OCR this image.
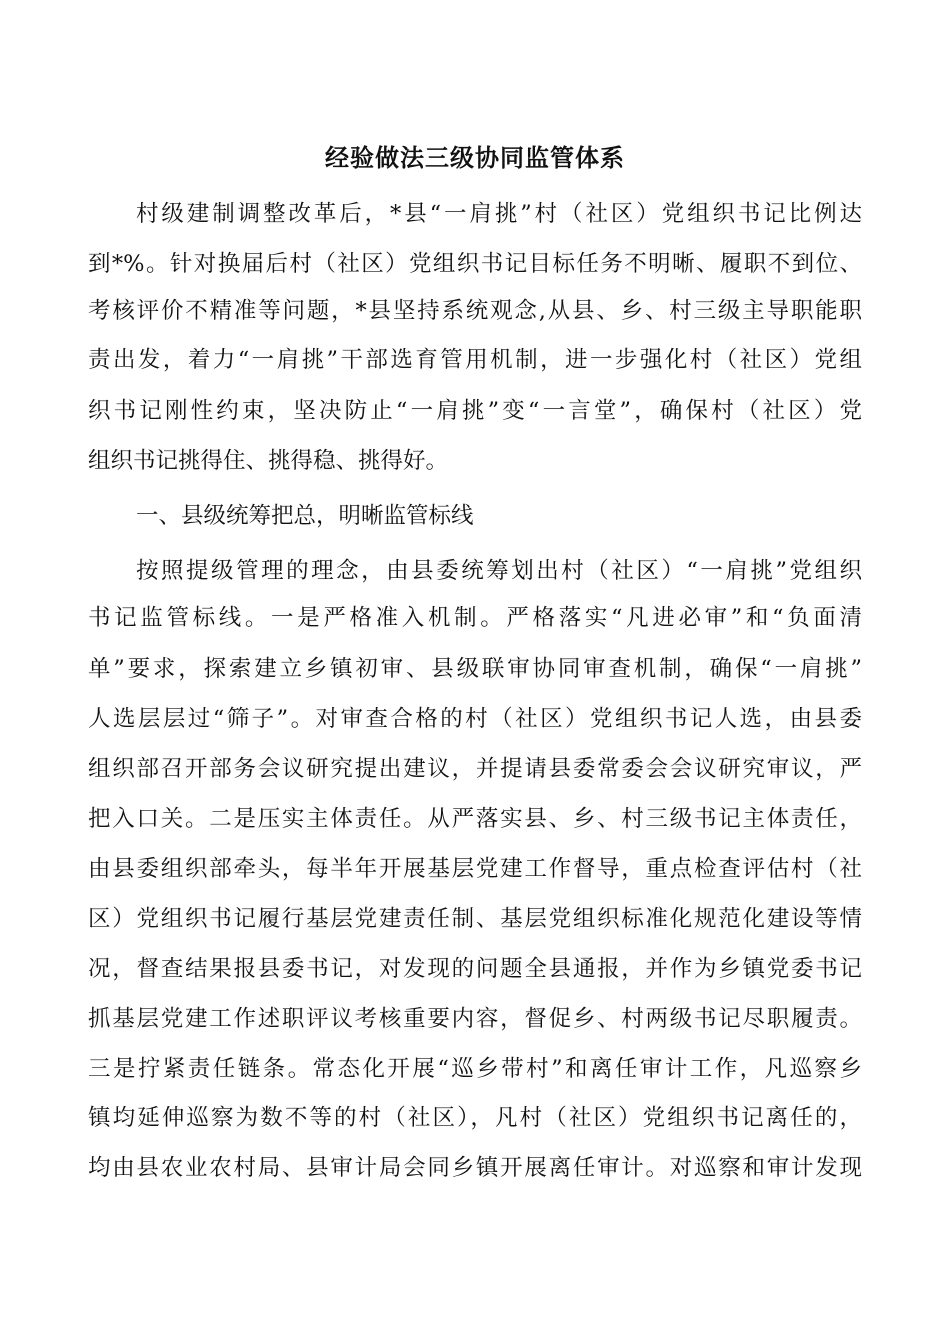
经验做法三级协同监管体系
村级建制调整改革后，*县“一肩挑”村（社区）党组织书记比例达
到*%。针对换届后村（社区）党组织书记目标任务不明晰、履职不到位、
考核评价不精准等问题，*县坚持系统观念,从县、乡、村三级主导职能职
责出发，着力“一肩挑”干部选育管用机制，进一步强化村（社区）党组
织书记刚性约束，坚决防止“一肩挑”变“一言堂”，确保村（社区）党
组织书记挑得住、挑得稳、挑得好。
一、县级统筹把总，明晰监管标线
按照提级管理的理念，由县委统筹划出村（社区）“一肩挑”党组织
书记监管标线。一是严格准入机制。严格落实“凡进必审”和“负面清
单”要求，探索建立乡镇初审、县级联审协同审查机制，确保“一肩挑”
人选层层过“筛子”。对审查合格的村（社区）党组织书记人选，由县委
组织部召开部务会议研究提出建议，并提请县委常委会会议研究审议，严
把入口关。二是压实主体责任。从严落实县、乡、村三级书记主体责任，
由县委组织部牵头，每半年开展基层党建工作督导，重点检查评估村（社
区）党组织书记履行基层党建责任制、基层党组织标准化规范化建设等情
况，督查结果报县委书记，对发现的问题全县通报，并作为乡镇党委书记
抓基层党建工作述职评议考核重要内容，督促乡、村两级书记尽职履责。
三是拧紧责任链条。常态化开展“巡乡带村”和离任审计工作，凡巡察乡
镇均延伸巡察为数不等的村（社区），凡村（社区）党组织书记离任的，
均由县农业农村局、县审计局会同乡镇开展离任审计。对巡察和审计发现
